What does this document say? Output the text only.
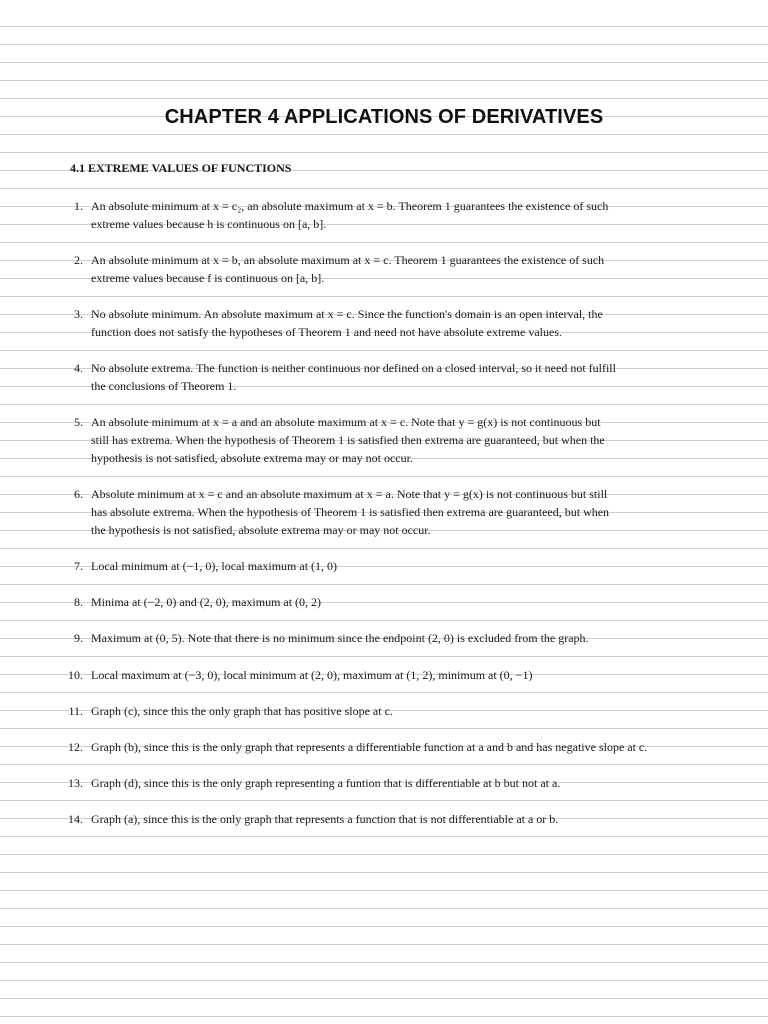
CHAPTER 4 APPLICATIONS OF DERIVATIVES
4.1 EXTREME VALUES OF FUNCTIONS
1. An absolute minimum at x = c₂, an absolute maximum at x = b. Theorem 1 guarantees the existence of such
extreme values because h is continuous on [a, b].
2. An absolute minimum at x = b, an absolute maximum at x = c. Theorem 1 guarantees the existence of such
extreme values because f is continuous on [a, b].
3. No absolute minimum. An absolute maximum at x = c. Since the function's domain is an open interval, the
function does not satisfy the hypotheses of Theorem 1 and need not have absolute extreme values.
4. No absolute extrema. The function is neither continuous nor defined on a closed interval, so it need not fulfill
the conclusions of Theorem 1.
5. An absolute minimum at x = a and an absolute maximum at x = c. Note that y = g(x) is not continuous but
still has extrema. When the hypothesis of Theorem 1 is satisfied then extrema are guaranteed, but when the
hypothesis is not satisfied, absolute extrema may or may not occur.
6. Absolute minimum at x = c and an absolute maximum at x = a. Note that y = g(x) is not continuous but still
has absolute extrema. When the hypothesis of Theorem 1 is satisfied then extrema are guaranteed, but when
the hypothesis is not satisfied, absolute extrema may or may not occur.
7. Local minimum at (−1, 0), local maximum at (1, 0)
8. Minima at (−2, 0) and (2, 0), maximum at (0, 2)
9. Maximum at (0, 5). Note that there is no minimum since the endpoint (2, 0) is excluded from the graph.
10. Local maximum at (−3, 0), local minimum at (2, 0), maximum at (1, 2), minimum at (0, −1)
11. Graph (c), since this the only graph that has positive slope at c.
12. Graph (b), since this is the only graph that represents a differentiable function at a and b and has negative slope at c.
13. Graph (d), since this is the only graph representing a funtion that is differentiable at b but not at a.
14. Graph (a), since this is the only graph that represents a function that is not differentiable at a or b.
